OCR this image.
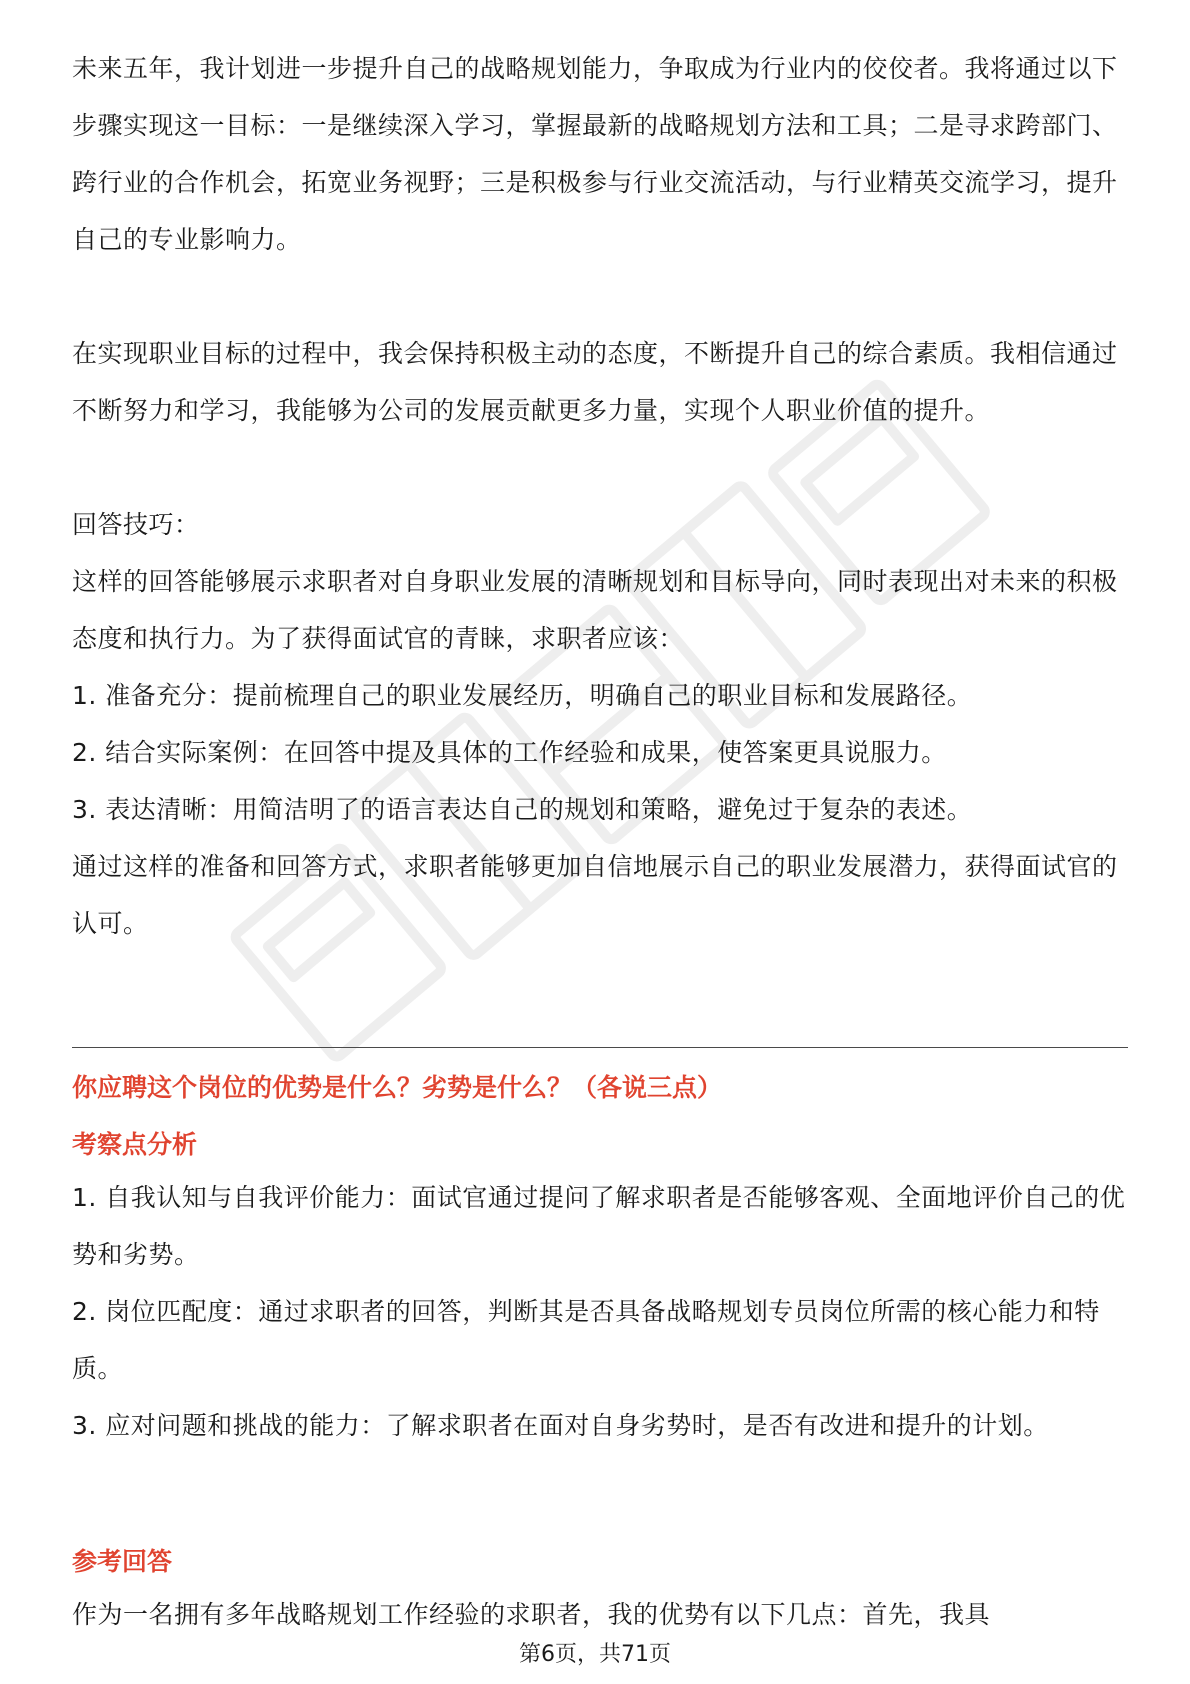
未来五年，我计划进一步提升自己的战略规划能力，争取成为行业内的佼佼者。我将通过以下步骤实现这一目标：一是继续深入学习，掌握最新的战略规划方法和工具；二是寻求跨部门、跨行业的合作机会，拓宽业务视野；三是积极参与行业交流活动，与行业精英交流学习，提升自己的专业影响力。

在实现职业目标的过程中，我会保持积极主动的态度，不断提升自己的综合素质。我相信通过不断努力和学习，我能够为公司的发展贡献更多力量，实现个人职业价值的提升。

回答技巧：

这样的回答能够展示求职者对自身职业发展的清晰规划和目标导向，同时表现出对未来的积极态度和执行力。为了获得面试官的青睐，求职者应该：

1. 准备充分：提前梳理自己的职业发展经历，明确自己的职业目标和发展路径。

2. 结合实际案例：在回答中提及具体的工作经验和成果，使答案更具说服力。

3. 表达清晰：用简洁明了的语言表达自己的规划和策略，避免过于复杂的表述。

通过这样的准备和回答方式，求职者能够更加自信地展示自己的职业发展潜力，获得面试官的认可。

你应聘这个岗位的优势是什么？劣势是什么？（各说三点）

考察点分析

1. 自我认知与自我评价能力：面试官通过提问了解求职者是否能够客观、全面地评价自己的优势和劣势。

2. 岗位匹配度：通过求职者的回答，判断其是否具备战略规划专员岗位所需的核心能力和特质。

3. 应对问题和挑战的能力：了解求职者在面对自身劣势时，是否有改进和提升的计划。

参考回答

作为一名拥有多年战略规划工作经验的求职者，我的优势有以下几点：首先，我具

第6页，共71页
